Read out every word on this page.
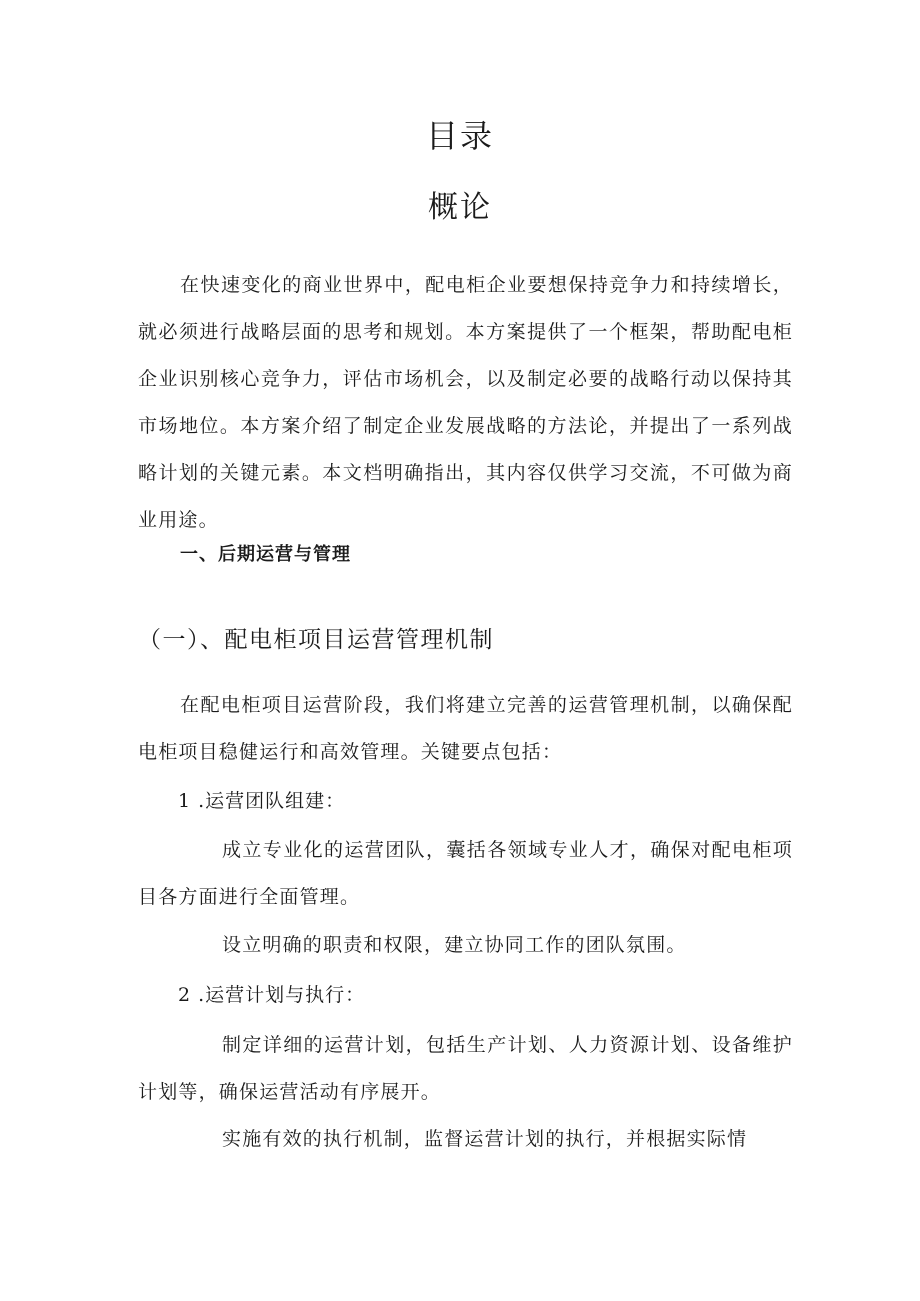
目录
概论
在快速变化的商业世界中，配电柜企业要想保持竞争力和持续增长，就必须进行战略层面的思考和规划。本方案提供了一个框架，帮助配电柜企业识别核心竞争力，评估市场机会，以及制定必要的战略行动以保持其市场地位。本方案介绍了制定企业发展战略的方法论，并提出了一系列战略计划的关键元素。本文档明确指出，其内容仅供学习交流，不可做为商业用途。
一、后期运营与管理
（一）、配电柜项目运营管理机制
在配电柜项目运营阶段，我们将建立完善的运营管理机制，以确保配电柜项目稳健运行和高效管理。关键要点包括：
1 .运营团队组建：
成立专业化的运营团队，囊括各领域专业人才，确保对配电柜项目各方面进行全面管理。
设立明确的职责和权限，建立协同工作的团队氛围。
2 .运营计划与执行：
制定详细的运营计划，包括生产计划、人力资源计划、设备维护计划等，确保运营活动有序展开。
实施有效的执行机制，监督运营计划的执行，并根据实际情
